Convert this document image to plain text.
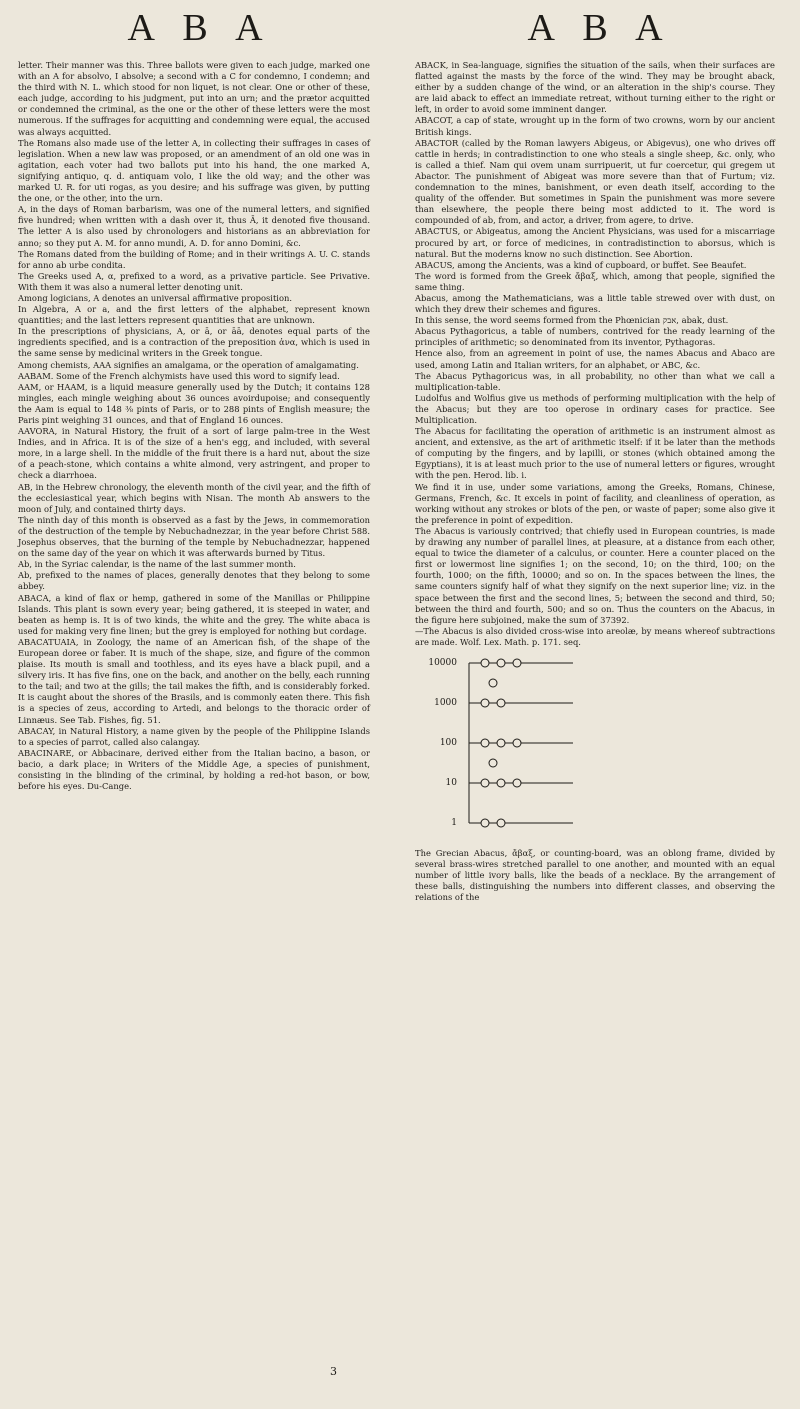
A B A	A B A

letter. Their manner was this. Three ballots were given to each judge, marked one with an A for absolvo, I absolve; a second with a C for condemno, I condemn; and the third with N. L. which stood for non liquet, is not clear. One or other of these, each judge, according to his judgment, put into an urn; and the prætor acquitted or condemned the criminal, as the one or the other of these letters were the most numerous. If the suffrages for acquitting and condemning were equal, the accused was always acquitted.

The Romans also made use of the letter A, in collecting their suffrages in cases of legislation. When a new law was proposed, or an amendment of an old one was in agitation, each voter had two ballots put into his hand, the one marked A, signifying antiquo, q. d. antiquam volo, I like the old way; and the other was marked U. R. for uti rogas, as you desire; and his suffrage was given, by putting the one, or the other, into the urn.

A, in the days of Roman barbarism, was one of the numeral letters, and signified five hundred; when written with a dash over it, thus Ā, it denoted five thousand. The letter A is also used by chronologers and historians as an abbreviation for anno; so they put A. M. for anno mundi, A. D. for anno Domini, &c.

The Romans dated from the building of Rome; and in their writings A. U. C. stands for anno ab urbe condita.

The Greeks used A, α, prefixed to a word, as a privative particle. See Privative. With them it was also a numeral letter denoting unit.

Among logicians, A denotes an universal affirmative proposition.

In Algebra, A or a, and the first letters of the alphabet, represent known quantities; and the last letters represent quantities that are unknown.

In the prescriptions of physicians, A, or ā, or āā, denotes equal parts of the ingredients specified, and is a contraction of the preposition ἀνα, which is used in the same sense by medicinal writers in the Greek tongue.

Among chemists, AAA signifies an amalgama, or the operation of amalgamating.

AABAM. Some of the French alchymists have used this word to signify lead.

AAM, or HAAM, is a liquid measure generally used by the Dutch; it contains 128 mingles, each mingle weighing about 36 ounces avoirdupoise; and consequently the Aam is equal to 148 ⅜ pints of Paris, or to 288 pints of English measure; the Paris pint weighing 31 ounces, and that of England 16 ounces.

AAVORA, in Natural History, the fruit of a sort of large palm-tree in the West Indies, and in Africa. It is of the size of a hen's egg, and included, with several more, in a large shell. In the middle of the fruit there is a hard nut, about the size of a peach-stone, which contains a white almond, very astringent, and proper to check a diarrhoea.

AB, in the Hebrew chronology, the eleventh month of the civil year, and the fifth of the ecclesiastical year, which begins with Nisan. The month Ab answers to the moon of July, and contained thirty days.

The ninth day of this month is observed as a fast by the Jews, in commemoration of the destruction of the temple by Nebuchadnezzar, in the year before Christ 588. Josephus observes, that the burning of the temple by Nebuchadnezzar, happened on the same day of the year on which it was afterwards burned by Titus.

Ab, in the Syriac calendar, is the name of the last summer month.

Ab, prefixed to the names of places, generally denotes that they belong to some abbey.

ABACA, a kind of flax or hemp, gathered in some of the Manillas or Philippine Islands. This plant is sown every year; being gathered, it is steeped in water, and beaten as hemp is. It is of two kinds, the white and the grey. The white abaca is used for making very fine linen; but the grey is employed for nothing but cordage.

ABACATUAIA, in Zoology, the name of an American fish, of the shape of the European doree or faber. It is much of the shape, size, and figure of the common plaise. Its mouth is small and toothless, and its eyes have a black pupil, and a silvery iris. It has five fins, one on the back, and another on the belly, each running to the tail; and two at the gills; the tail makes the fifth, and is considerably forked. It is caught about the shores of the Brasils, and is commonly eaten there. This fish is a species of zeus, according to Artedi, and belongs to the thoracic order of Linnæus. See Tab. Fishes, fig. 51.

ABACAY, in Natural History, a name given by the people of the Philippine Islands to a species of parrot, called also calangay.

ABACINARE, or Abbacinare, derived either from the Italian bacino, a bason, or bacio, a dark place; in Writers of the Middle Age, a species of punishment, consisting in the blinding of the criminal, by holding a red-hot bason, or bow, before his eyes. Du-Cange.

ABACK, in Sea-language, signifies the situation of the sails, when their surfaces are flatted against the masts by the force of the wind. They may be brought aback, either by a sudden change of the wind, or an alteration in the ship's course. They are laid aback to effect an immediate retreat, without turning either to the right or left, in order to avoid some imminent danger.

ABACOT, a cap of state, wrought up in the form of two crowns, worn by our ancient British kings.

ABACTOR (called by the Roman lawyers Abigeus, or Abigevus), one who drives off cattle in herds; in contradistinction to one who steals a single sheep, &c. only, who is called a thief. Nam qui ovem unam surripuerit, ut fur coercetur, qui gregem ut Abactor. The punishment of Abigeat was more severe than that of Furtum; viz. condemnation to the mines, banishment, or even death itself, according to the quality of the offender. But sometimes in Spain the punishment was more severe than elsewhere, the people there being most addicted to it. The word is compounded of ab, from, and actor, a driver, from agere, to drive.

ABACTUS, or Abigeatus, among the Ancient Physicians, was used for a miscarriage procured by art, or force of medicines, in contradistinction to aborsus, which is natural. But the moderns know no such distinction. See Abortion.

ABACUS, among the Ancients, was a kind of cupboard, or buffet. See Beaufet.

The word is formed from the Greek ἄβαξ, which, among that people, signified the same thing.

Abacus, among the Mathematicians, was a little table strewed over with dust, on which they drew their schemes and figures.

In this sense, the word seems formed from the Phœnician אבק, abak, dust.

Abacus Pythagoricus, a table of numbers, contrived for the ready learning of the principles of arithmetic; so denominated from its inventor, Pythagoras.

Hence also, from an agreement in point of use, the names Abacus and Abaco are used, among Latin and Italian writers, for an alphabet, or ABC, &c.

The Abacus Pythagoricus was, in all probability, no other than what we call a multiplication-table.

Ludolfus and Wolfius give us methods of performing multiplication with the help of the Abacus; but they are too operose in ordinary cases for practice. See Multiplication.

The Abacus for facilitating the operation of arithmetic is an instrument almost as ancient, and extensive, as the art of arithmetic itself: if it be later than the methods of computing by the fingers, and by lapilli, or stones (which obtained among the Egyptians), it is at least much prior to the use of numeral letters or figures, wrought with the pen. Herod. lib. i.

We find it in use, under some variations, among the Greeks, Romans, Chinese, Germans, French, &c. It excels in point of facility, and cleanliness of operation, as working without any strokes or blots of the pen, or waste of paper; some also give it the preference in point of expedition.

The Abacus is variously contrived; that chiefly used in European countries, is made by drawing any number of parallel lines, at pleasure, at a distance from each other, equal to twice the diameter of a calculus, or counter. Here a counter placed on the first or lowermost line signifies 1; on the second, 10; on the third, 100; on the fourth, 1000; on the fifth, 10000; and so on. In the spaces between the lines, the same counters signify half of what they signify on the next superior line; viz. in the space between the first and the second lines, 5; between the second and third, 50; between the third and fourth, 500; and so on. Thus the counters on the Abacus, in the figure here subjoined, make the sum of 37392.

—The Abacus is also divided cross-wise into areolæ, by means whereof subtractions are made. Wolf. Lex. Math. p. 171. seq.

10000
1000
100
10
1

The Grecian Abacus, ἄβαξ, or counting-board, was an oblong frame, divided by several brass-wires stretched parallel to one another, and mounted with an equal number of little ivory balls, like the beads of a necklace. By the arrangement of these balls, distinguishing the numbers into different classes, and observing the relations of the

3
